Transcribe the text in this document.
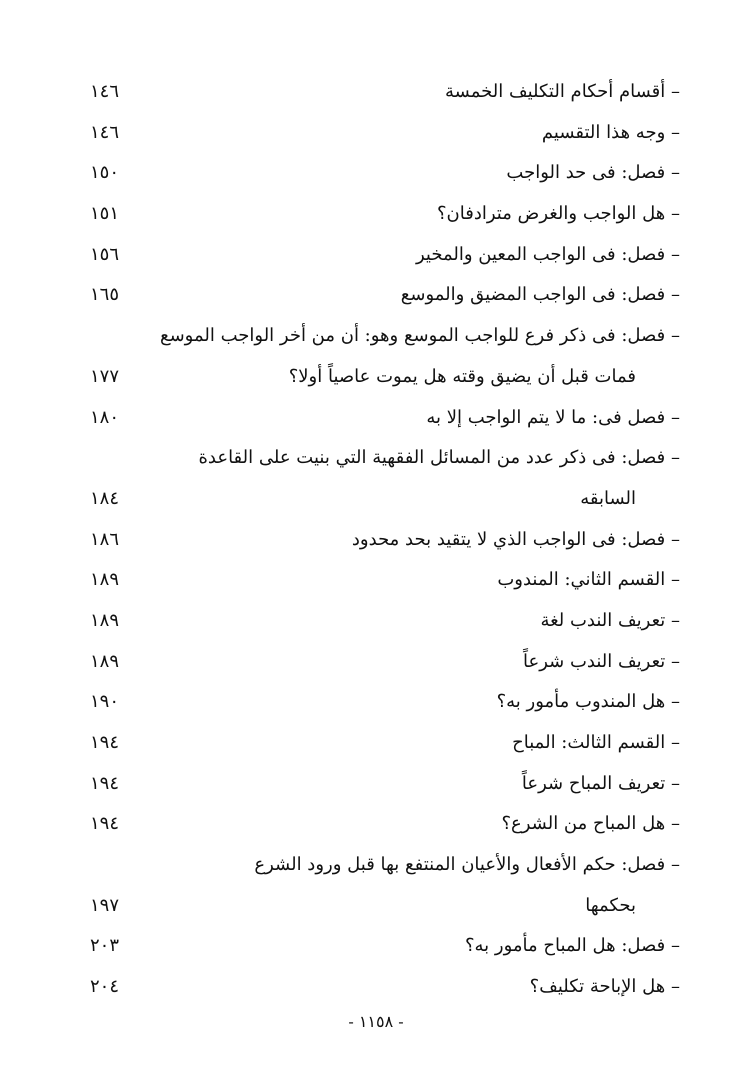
– أقسام أحكام التكليف الخمسة
١٤٦
– وجه هذا التقسيم
١٤٦
– فصل: فى حد الواجب
١٥٠
– هل الواجب والغرض مترادفان؟
١٥١
– فصل: فى الواجب المعين والمخير
١٥٦
– فصل: فى الواجب المضيق والموسع
١٦٥
– فصل: فى ذكر فرع للواجب الموسع وهو: أن من أخر الواجب الموسع
فمات قبل أن يضيق وقته هل يموت عاصياً أولا؟
١٧٧
– فصل فى: ما لا يتم الواجب إلا به
١٨٠
– فصل: فى ذكر عدد من المسائل الفقهية التي بنيت على القاعدة
السابقه
١٨٤
– فصل: فى الواجب الذي لا يتقيد بحد محدود
١٨٦
– القسم الثاني: المندوب
١٨٩
– تعريف الندب لغة
١٨٩
– تعريف الندب شرعاً
١٨٩
– هل المندوب مأمور به؟
١٩٠
– القسم الثالث: المباح
١٩٤
– تعريف المباح شرعاً
١٩٤
– هل المباح من الشرع؟
١٩٤
– فصل: حكم الأفعال والأعيان المنتفع بها قبل ورود الشرع
بحكمها
١٩٧
– فصل: هل المباح مأمور به؟
٢٠٣
– هل الإباحة تكليف؟
٢٠٤
- ١١٥٨ -
